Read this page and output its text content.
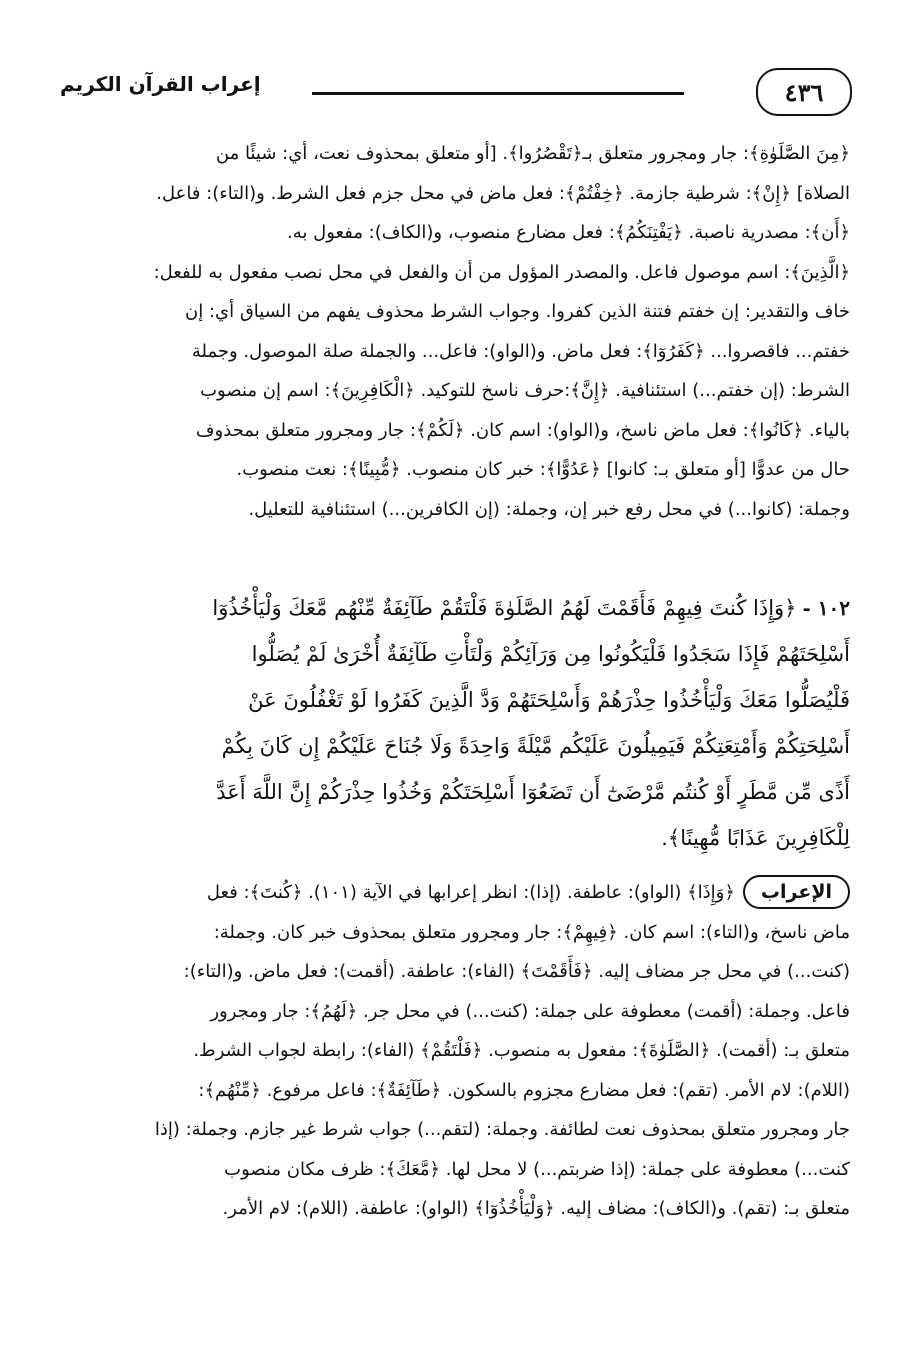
٤٣٦
إعراب القرآن الكريم
﴿مِنَ الصَّلَوٰةِ﴾: جار ومجرور متعلق بـ﴿تَقْصُرُوا﴾. [أو متعلق بمحذوف نعت، أي: شيئًا من
الصلاة] ﴿إِنْ﴾: شرطية جازمة. ﴿خِفْتُمْ﴾: فعل ماض في محل جزم فعل الشرط. و(التاء): فاعل.
﴿أَن﴾: مصدرية ناصبة. ﴿يَفْتِنَكُمُ﴾: فعل مضارع منصوب، و(الكاف): مفعول به.
﴿الَّذِينَ﴾: اسم موصول فاعل. والمصدر المؤول من أن والفعل في محل نصب مفعول به للفعل:
خاف والتقدير: إن خفتم فتنة الذين كفروا. وجواب الشرط محذوف يفهم من السياق أي: إن
خفتم... فاقصروا... ﴿كَفَرُوٓا﴾: فعل ماض. و(الواو): فاعل... والجملة صلة الموصول. وجملة
الشرط: (إن خفتم...) استئنافية. ﴿إِنَّ﴾:حرف ناسخ للتوكيد. ﴿الْكَافِرِينَ﴾: اسم إن منصوب
بالياء. ﴿كَانُوا﴾: فعل ماض ناسخ، و(الواو): اسم كان. ﴿لَكُمْ﴾: جار ومجرور متعلق بمحذوف
حال من عدوًّا [أو متعلق بـ: كانوا] ﴿عَدُوًّا﴾: خبر كان منصوب. ﴿مُّبِينًا﴾: نعت منصوب.
وجملة: (كانوا...) في محل رفع خبر إن، وجملة: (إن الكافرين...) استئنافية للتعليل.
١٠٢ -﴿وَإِذَا كُنتَ فِيهِمْ فَأَقَمْتَ لَهُمُ الصَّلَوٰةَ فَلْتَقُمْ طَآئِفَةٌ مِّنْهُم مَّعَكَ وَلْيَأْخُذُوٓا
أَسْلِحَتَهُمْ فَإِذَا سَجَدُوا فَلْيَكُونُوا مِن وَرَآئِكُمْ وَلْتَأْتِ طَآئِفَةٌ أُخْرَىٰ لَمْ يُصَلُّوا
فَلْيُصَلُّوا مَعَكَ وَلْيَأْخُذُوا حِذْرَهُمْ وَأَسْلِحَتَهُمْ وَدَّ الَّذِينَ كَفَرُوا لَوْ تَغْفُلُونَ عَنْ
أَسْلِحَتِكُمْ وَأَمْتِعَتِكُمْ فَيَمِيلُونَ عَلَيْكُم مَّيْلَةً وَاحِدَةً وَلَا جُنَاحَ عَلَيْكُمْ إِن كَانَ بِكُمْ
أَذًى مِّن مَّطَرٍ أَوْ كُنتُم مَّرْضَىٰٓ أَن تَضَعُوٓا أَسْلِحَتَكُمْ وَخُذُوا حِذْرَكُمْ إِنَّ اللَّهَ أَعَدَّ
لِلْكَافِرِينَ عَذَابًا مُّهِينًا﴾.
الإعراب﴿وَإِذَا﴾ (الواو): عاطفة. (إذا): انظر إعرابها في الآية (١٠١). ﴿كُنتَ﴾: فعل
ماض ناسخ، و(التاء): اسم كان. ﴿فِيهِمْ﴾: جار ومجرور متعلق بمحذوف خبر كان. وجملة:
(كنت...) في محل جر مضاف إليه. ﴿فَأَقَمْتَ﴾ (الفاء): عاطفة. (أقمت): فعل ماض. و(التاء):
فاعل. وجملة: (أقمت) معطوفة على جملة: (كنت...) في محل جر. ﴿لَهُمُ﴾: جار ومجرور
متعلق بـ: (أقمت). ﴿الصَّلَوٰةَ﴾: مفعول به منصوب. ﴿فَلْتَقُمْ﴾ (الفاء): رابطة لجواب الشرط.
(اللام): لام الأمر. (تقم): فعل مضارع مجزوم بالسكون. ﴿طَآئِفَةٌ﴾: فاعل مرفوع. ﴿مِّنْهُم﴾:
جار ومجرور متعلق بمحذوف نعت لطائفة. وجملة: (لتقم...) جواب شرط غير جازم. وجملة: (إذا
كنت...) معطوفة على جملة: (إذا ضربتم...) لا محل لها. ﴿مَّعَكَ﴾: ظرف مكان منصوب
متعلق بـ: (تقم). و(الكاف): مضاف إليه. ﴿وَلْيَأْخُذُوٓا﴾ (الواو): عاطفة. (اللام): لام الأمر.
